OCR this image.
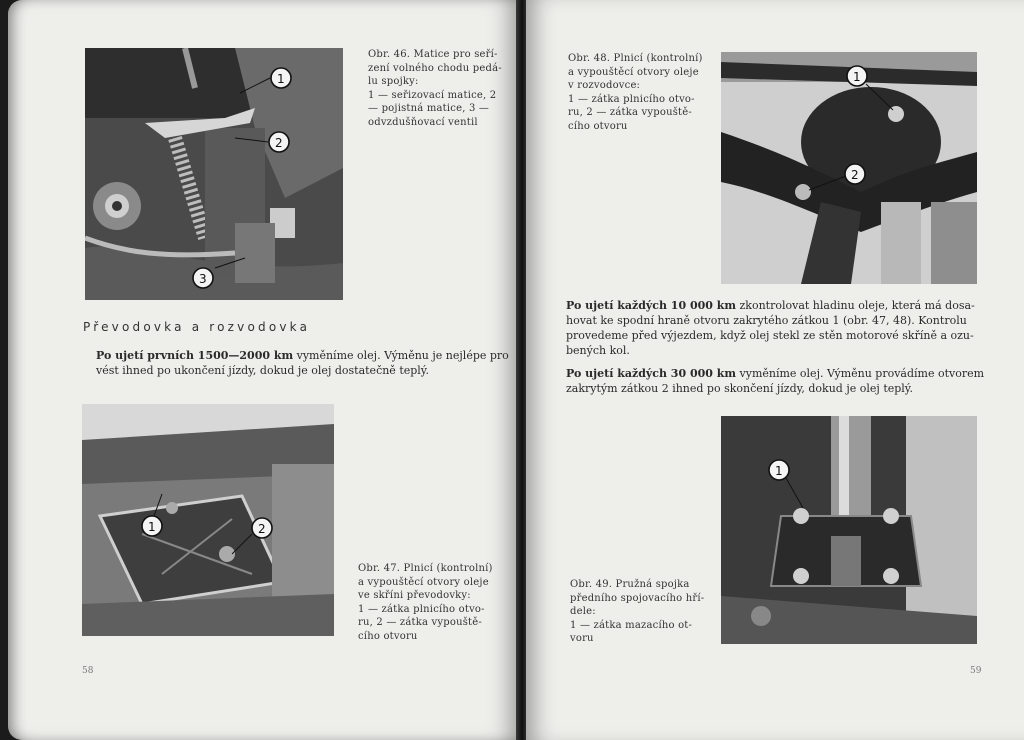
1
2
3
Obr. 46. Matice pro seří-
zení volného chodu pedá-
lu spojky:
1 — seřizovací matice, 2
— pojistná matice, 3 —
odvzdušňovací ventil
Převodovka a rozvodovka
Po ujetí prvních 1500—2000 km vyměníme olej. Výměnu je nejlépe pro
vést ihned po ukončení jízdy, dokud je olej dostatečně teplý.
1	2
Obr. 47. Plnicí (kontrolní)
a vypouštěcí otvory oleje
ve skříni převodovky:
1 — zátka plnicího otvo-
ru, 2 — zátka vypouště-
cího otvoru
58
Obr. 48. Plnicí (kontrolní)
a vypouštěcí otvory oleje
v rozvodovce:
1 — zátka plnicího otvo-
ru, 2 — zátka vypouště-
cího otvoru
1
2
Po ujetí každých 10 000 km zkontrolovat hladinu oleje, která má dosa-
hovat ke spodní hraně otvoru zakrytého zátkou 1 (obr. 47, 48). Kontrolu
provedeme před výjezdem, když olej stekl ze stěn motorové skříně a ozu-
bených kol.
Po ujetí každých 30 000 km vyměníme olej. Výměnu provádíme otvorem
zakrytým zátkou 2 ihned po skončení jízdy, dokud je olej teplý.
1
Obr. 49. Pružná spojka
předního spojovacího hří-
dele:
1 — zátka mazacího ot-
voru
59
